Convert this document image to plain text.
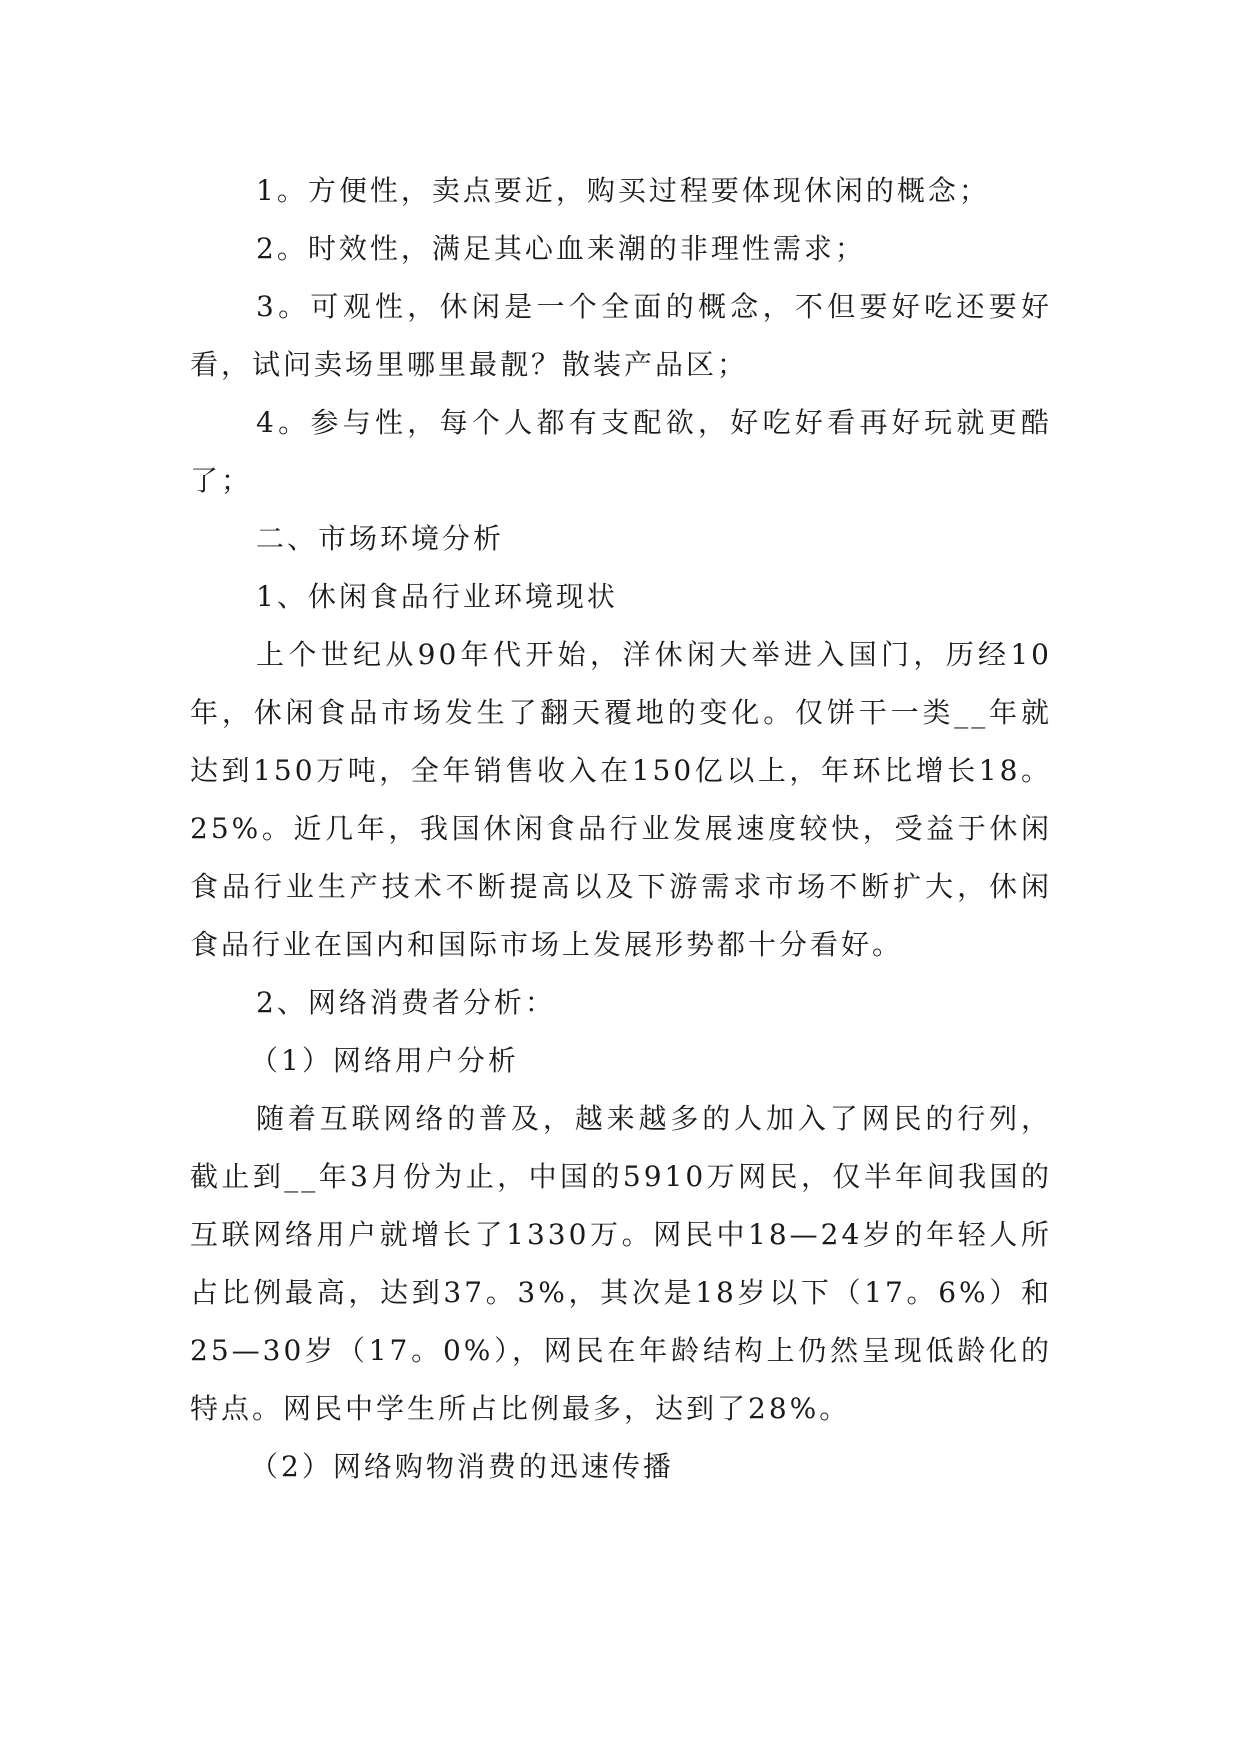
1。方便性，卖点要近，购买过程要体现休闲的概念；

2。时效性，满足其心血来潮的非理性需求；

3。可观性，休闲是一个全面的概念，不但要好吃还要好看，试问卖场里哪里最靓？散装产品区；

4。参与性，每个人都有支配欲，好吃好看再好玩就更酷了；

二、市场环境分析

1、休闲食品行业环境现状

上个世纪从90年代开始，洋休闲大举进入国门，历经10年，休闲食品市场发生了翻天覆地的变化。仅饼干一类__年就达到150万吨，全年销售收入在150亿以上，年环比增长18。25%。近几年，我国休闲食品行业发展速度较快，受益于休闲食品行业生产技术不断提高以及下游需求市场不断扩大，休闲食品行业在国内和国际市场上发展形势都十分看好。

2、网络消费者分析：

（1）网络用户分析

随着互联网络的普及，越来越多的人加入了网民的行列，截止到__年3月份为止，中国的5910万网民，仅半年间我国的互联网络用户就增长了1330万。网民中18—24岁的年轻人所占比例最高，达到37。3%，其次是18岁以下（17。6%）和25—30岁（17。0%），网民在年龄结构上仍然呈现低龄化的特点。网民中学生所占比例最多，达到了28%。

（2）网络购物消费的迅速传播
